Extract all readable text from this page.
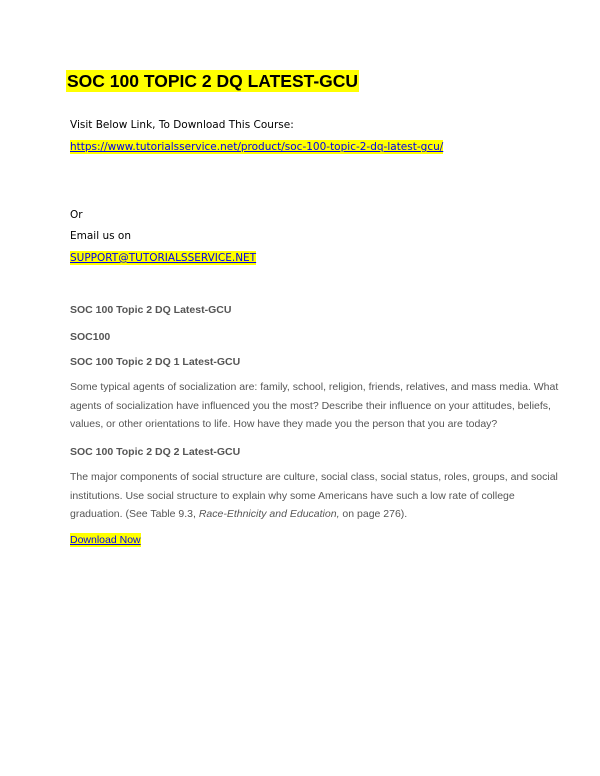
SOC 100 TOPIC 2 DQ LATEST-GCU
Visit Below Link, To Download This Course:
https://www.tutorialsservice.net/product/soc-100-topic-2-dq-latest-gcu/
Or
Email us on
SUPPORT@TUTORIALSSERVICE.NET
SOC 100 Topic 2 DQ Latest-GCU
SOC100
SOC 100 Topic 2 DQ 1 Latest-GCU
Some typical agents of socialization are: family, school, religion, friends, relatives, and mass media. What
agents of socialization have influenced you the most? Describe their influence on your attitudes, beliefs,
values, or other orientations to life. How have they made you the person that you are today?
SOC 100 Topic 2 DQ 2 Latest-GCU
The major components of social structure are culture, social class, social status, roles, groups, and social
institutions. Use social structure to explain why some Americans have such a low rate of college
graduation. (See Table 9.3, Race-Ethnicity and Education, on page 276).
Download Now
